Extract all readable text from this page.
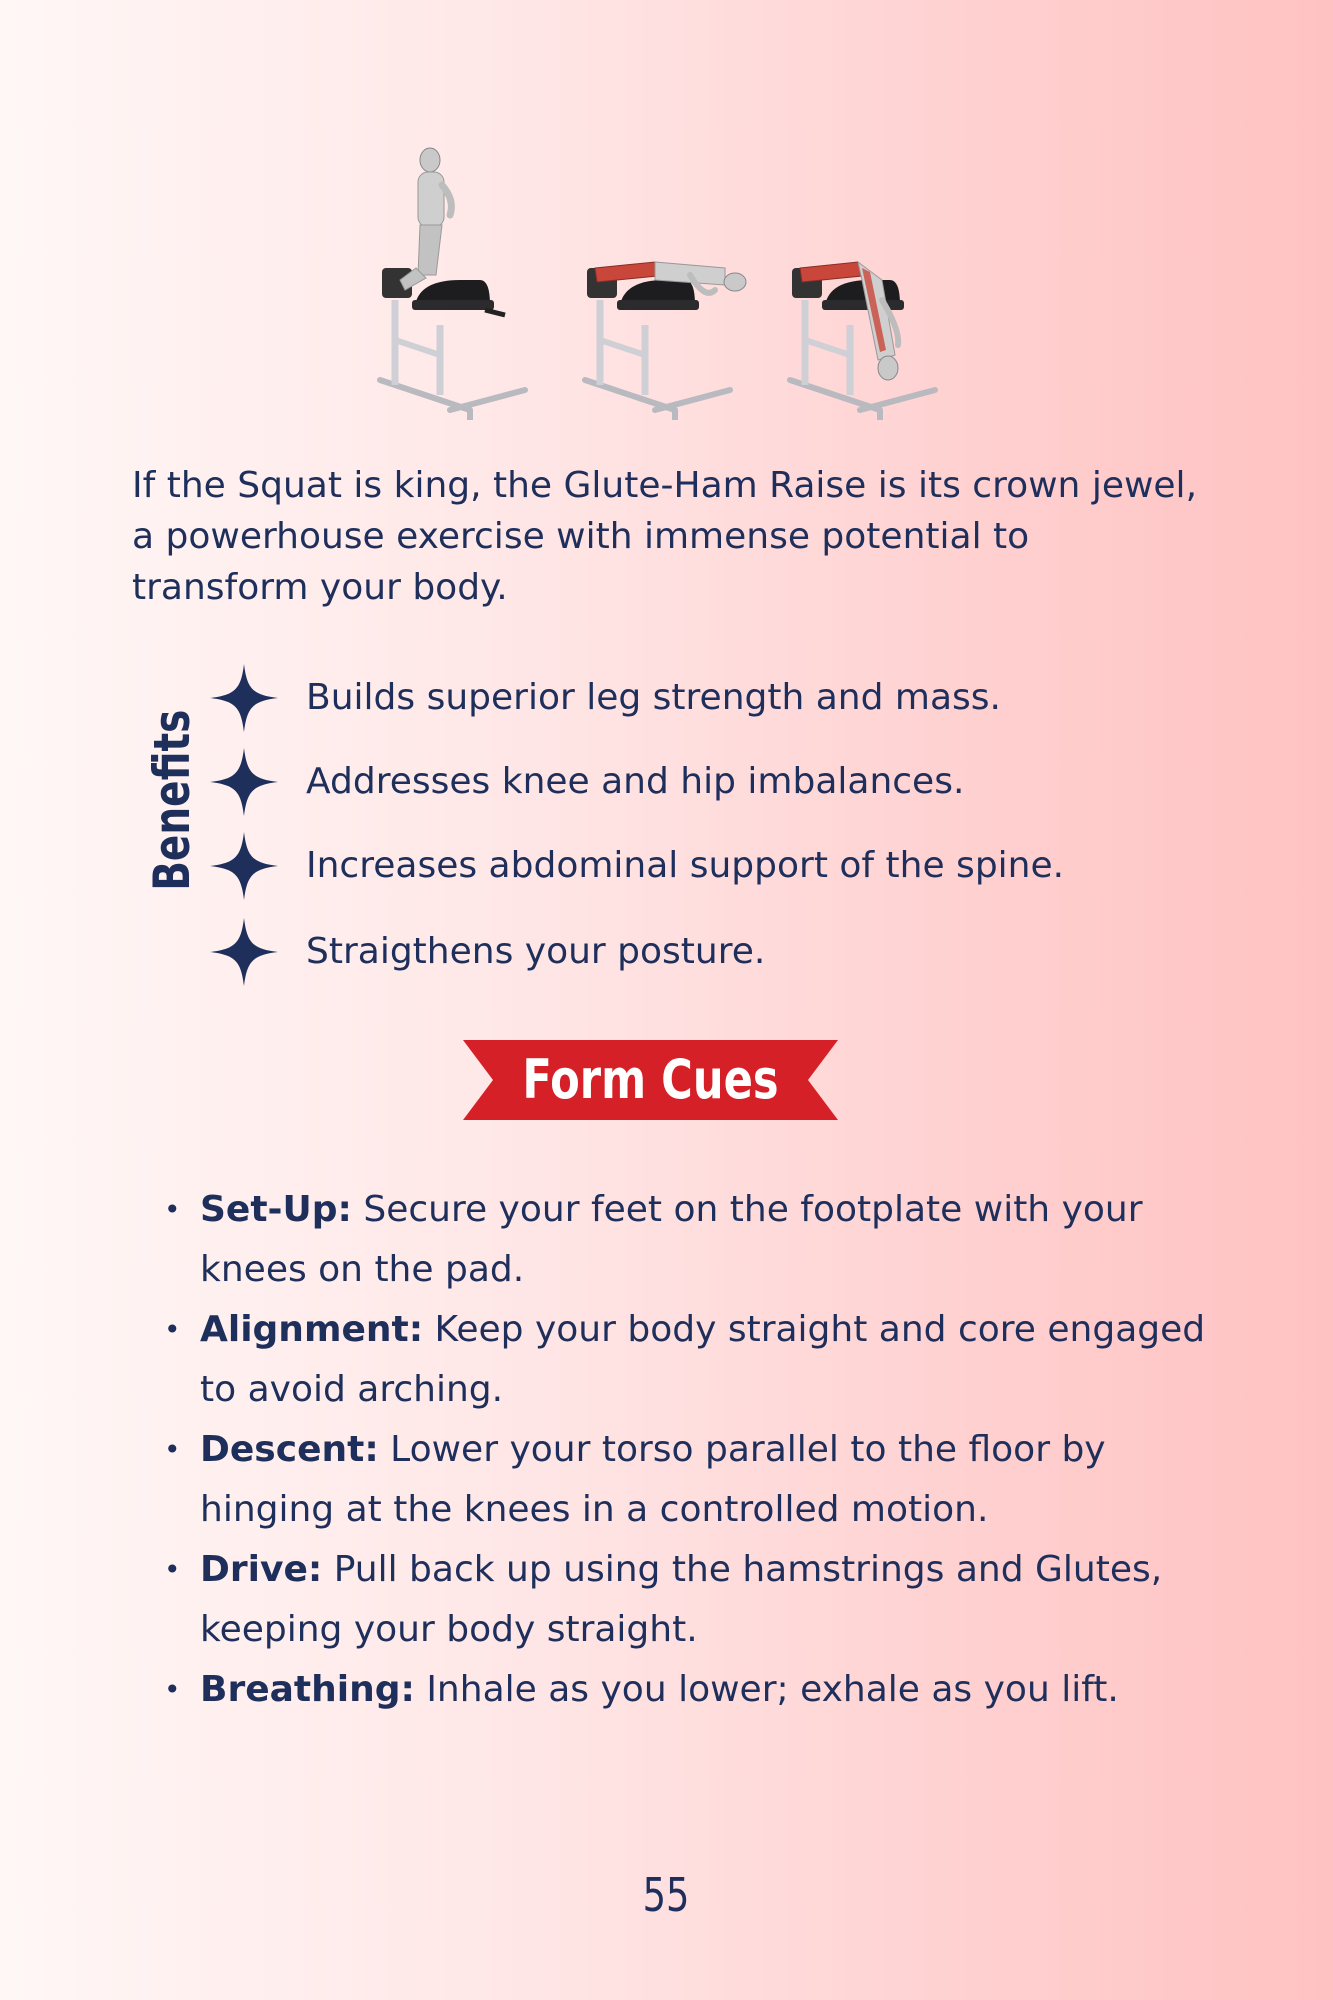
If the Squat is king, the Glute-Ham Raise is its crown jewel, a powerhouse exercise with immense potential to transform your body.

Benefits
Builds superior leg strength and mass.
Addresses knee and hip imbalances.
Increases abdominal support of the spine.
Straigthens your posture.
Form Cues
• Set-Up: Secure your feet on the footplate with your knees on the pad.
• Alignment: Keep your body straight and core engaged to avoid arching.
• Descent: Lower your torso parallel to the floor by hinging at the knees in a controlled motion.
• Drive: Pull back up using the hamstrings and Glutes, keeping your body straight.
• Breathing: Inhale as you lower; exhale as you lift.
55
